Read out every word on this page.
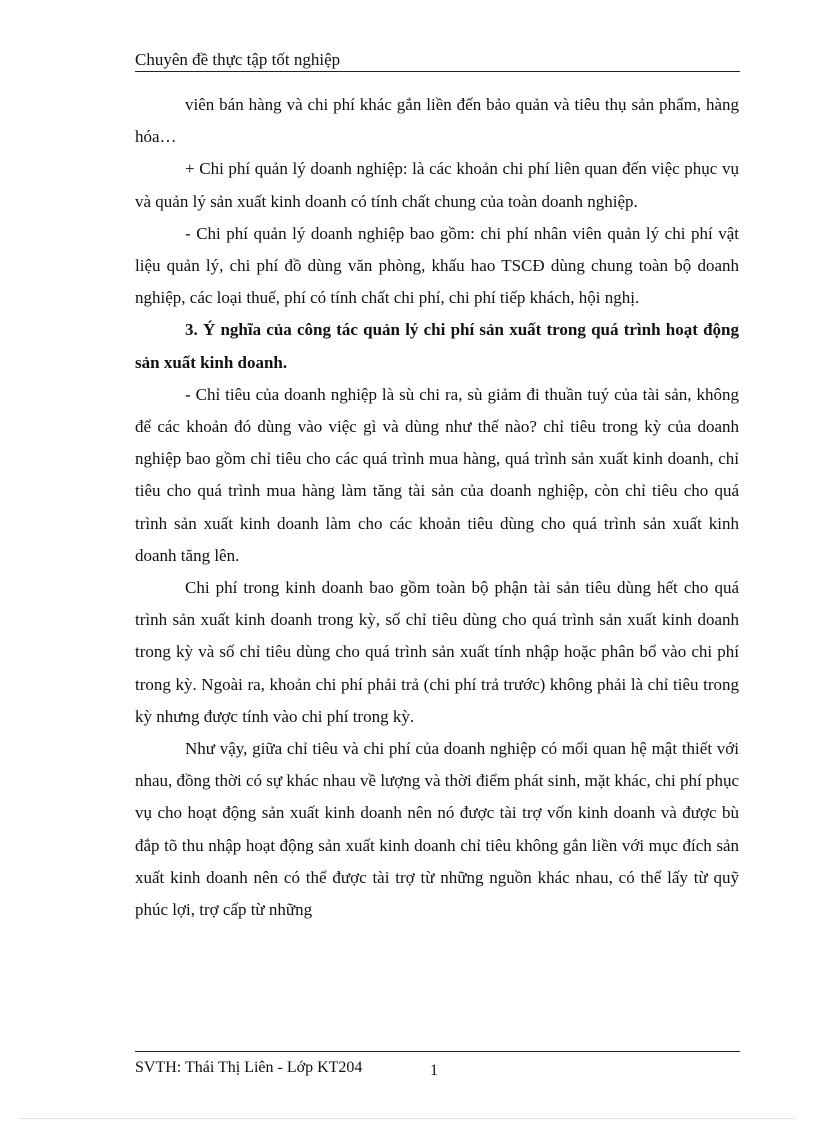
Chuyên đề thực tập tốt nghiệp

viên bán hàng và chi phí khác gắn liền đến bảo quản và tiêu thụ sản phẩm, hàng hóa…

+ Chi phí quản lý doanh nghiệp: là các khoản chi phí liên quan đến việc phục vụ và quản lý sản xuất kinh doanh có tính chất chung của toàn doanh nghiệp.

- Chi phí quản lý doanh nghiệp bao gồm: chi phí nhân viên quản lý chi phí vật liệu quản lý, chi phí đồ dùng văn phòng, khấu hao TSCĐ dùng chung toàn bộ doanh nghiệp, các loại thuế, phí có tính chất chi phí, chi phí tiếp khách, hội nghị.

3. Ý nghĩa của công tác quản lý chi phí sản xuất trong quá trình hoạt động sản xuất kinh doanh.

- Chỉ tiêu của doanh nghiệp là sù chi ra, sù giảm đi thuần tuý của tài sản, không để các khoản đó dùng vào việc gì và dùng như thế nào? chỉ tiêu trong kỳ của doanh nghiệp bao gồm chỉ tiêu cho các quá trình mua hàng, quá trình sản xuất kinh doanh, chỉ tiêu cho quá trình mua hàng làm tăng tài sản của doanh nghiệp, còn chỉ tiêu cho quá trình sản xuất kinh doanh làm cho các khoản tiêu dùng cho quá trình sản xuất kinh doanh tăng lên.

Chi phí trong kinh doanh bao gồm toàn bộ phận tài sản tiêu dùng hết cho quá trình sản xuất kinh doanh trong kỳ, số chỉ tiêu dùng cho quá trình sản xuất kinh doanh trong kỳ và số chỉ tiêu dùng cho quá trình sản xuất tính nhập hoặc phân bổ vào chi phí trong kỳ. Ngoài ra, khoản chi phí phải trả (chi phí trả trước) không phải là chỉ tiêu trong kỳ nhưng được tính vào chi phí trong kỳ.

Như vậy, giữa chỉ tiêu và chi phí của doanh nghiệp có mối quan hệ mật thiết với nhau, đồng thời có sự khác nhau về lượng và thời điểm phát sinh, mặt khác, chi phí phục vụ cho hoạt động sản xuất kinh doanh nên nó được tài trợ vốn kinh doanh và được bù đắp tõ thu nhập hoạt động sản xuất kinh doanh chỉ tiêu không gắn liền với mục đích sản xuất kinh doanh nên có thể được tài trợ từ những nguồn khác nhau, có thể lấy từ quỹ phúc lợi, trợ cấp từ những

SVTH: Thái Thị Liên - Lớp KT204	1
